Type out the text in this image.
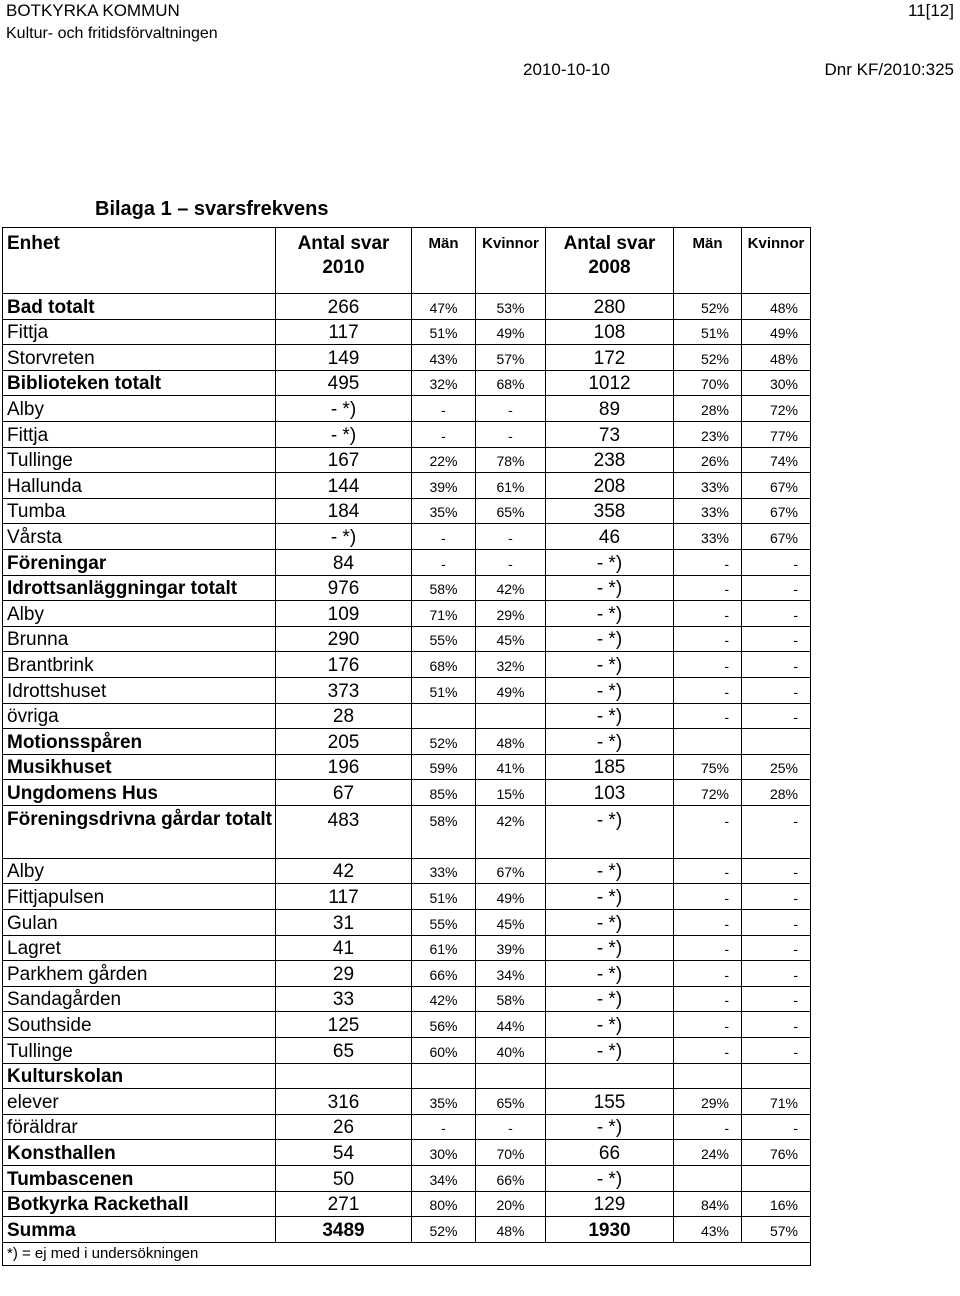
BOTKYRKA KOMMUN
Kultur- och fritidsförvaltningen
11[12]
2010-10-10	Dnr KF/2010:325
Bilaga 1 – svarsfrekvens
Enhet	Antal svar 2010	Män	Kvinnor	Antal svar 2008	Män	Kvinnor
Bad totalt	266	47%	53%	280	52%	48%
Fittja	117	51%	49%	108	51%	49%
Storvreten	149	43%	57%	172	52%	48%
Biblioteken totalt	495	32%	68%	1012	70%	30%
Alby	- *)	-	-	89	28%	72%
Fittja	- *)	-	-	73	23%	77%
Tullinge	167	22%	78%	238	26%	74%
Hallunda	144	39%	61%	208	33%	67%
Tumba	184	35%	65%	358	33%	67%
Vårsta	- *)	-	-	46	33%	67%
Föreningar	84	-	-	- *)	-	-
Idrottsanläggningar totalt	976	58%	42%	- *)	-	-
Alby	109	71%	29%	- *)	-	-
Brunna	290	55%	45%	- *)	-	-
Brantbrink	176	68%	32%	- *)	-	-
Idrottshuset	373	51%	49%	- *)	-	-
övriga	28			- *)	-	-
Motionsspåren	205	52%	48%	- *)		
Musikhuset	196	59%	41%	185	75%	25%
Ungdomens Hus	67	85%	15%	103	72%	28%
Föreningsdrivna gårdar totalt	483	58%	42%	- *)	-	-
Alby	42	33%	67%	- *)	-	-
Fittjapulsen	117	51%	49%	- *)	-	-
Gulan	31	55%	45%	- *)	-	-
Lagret	41	61%	39%	- *)	-	-
Parkhem gården	29	66%	34%	- *)	-	-
Sandagården	33	42%	58%	- *)	-	-
Southside	125	56%	44%	- *)	-	-
Tullinge	65	60%	40%	- *)	-	-
Kulturskolan						
elever	316	35%	65%	155	29%	71%
föräldrar	26	-	-	- *)	-	-
Konsthallen	54	30%	70%	66	24%	76%
Tumbascenen	50	34%	66%	- *)		
Botkyrka Rackethall	271	80%	20%	129	84%	16%
Summa	3489	52%	48%	1930	43%	57%
*) = ej med i undersökningen						
